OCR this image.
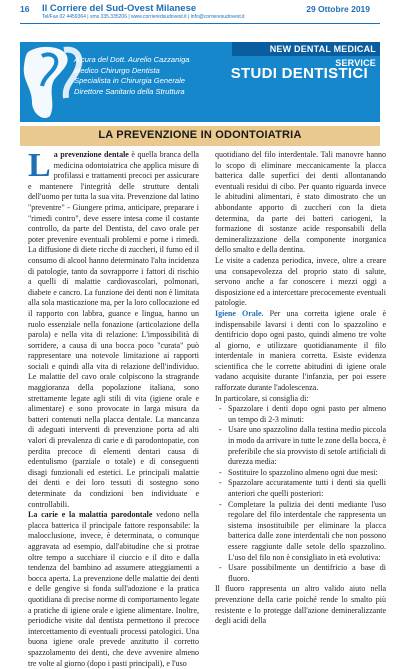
16 Il Corriere del Sud-Ovest Milanese
Tel/Fax 02 4459364 | sms 335.335206 | www.corrieredsudovest.it | info@corrieresudovest.it
29 Ottobre 2019
NEW DENTAL MEDICAL SERVICE
A cura del Dott. Aurelio Cazzaniga
Medico Chirurgo Dentista
Specialista in Chirurgia Generale
Direttore Sanitario della Struttura
STUDI DENTISTICI
LA PREVENZIONE IN ODONTOIATRIA

La prevenzione dentale è quella branca della medicina odontoiatrica che applica misure di profilassi e trattamenti precoci per assicurare e mantenere l'integrità delle strutture dentali dell'uomo per tutta la sua vita. Prevenzione dal latino "preventre" - Giungere prima, anticipare, preparare i "rimedi contro", deve essere intesa come il costante controllo, da parte del Dentista, del cavo orale per poter prevenire eventuali problemi e porne i rimedi. La diffusione di diete ricche di zuccheri, il fumo ed il consumo di alcool hanno determinato l'alta incidenza di patologie, tanto da sovrapporre i fattori di rischio a quelli di malattie cardiovascolari, polmonari, diabete e cancro. La funzione dei denti non è limitata alla sola masticazione ma, per la loro collocazione ed il rapporto con labbra, guance e lingua, hanno un ruolo essenziale nella fonazione (articolazione della parola) e nella vita di relazione: L'impossibilità di sorridere, a causa di una bocca poco "curata" può rappresentare una notevole limitazione ai rapporti sociali e quindi alla vita di relazione dell'individuo. Le malattie del cavo orale colpiscono la stragrande maggioranza della popolazione italiana, sono strettamente legate agli stili di vita (igiene orale e alimentare) e sono provocate in larga misura da batteri contenuti nella placca dentale. La mancanza di adeguati interventi di prevenzione porta ad alti valori di prevalenza di carie e di parodontopatie, con perdita precoce di elementi dentari causa di edentulismo (parziale o totale) e di conseguenti disagi funzionali ed estetici. Le principali malattie dei denti e dei loro tessuti di sostegno sono determinate da condizioni ben individuate e controllabili.

La carie e la malattia parodontale vedono nella placca batterica il principale fattore responsabile: la malocclusione, invece, è determinata, o comunque aggravata ad esempio, dall'abitudine che si protrae oltre tempo a succhiare il ciuccio e il dito e dalla tendenza del bambino ad assumere atteggiamenti a bocca aperta. La prevenzione delle malattie dei denti e delle gengive si fonda sull'adozione e la pratica quotidiana di precise norme di comportamento legate a pratiche di igiene orale e igiene alimentare. Inoltre, periodiche visite dal dentista permettono il precoce intercettamento di eventuali processi patologici. Una buona igiene orale prevede anzitutto il corretto spazzolamento dei denti, che deve avvenire almeno tre volte al giorno (dopo i pasti principali), e l'uso

quotidiano del filo interdentale. Tali manovre hanno lo scopo di eliminare meccanicamente la placca batterica dalle superfici dei denti allontanando eventuali residui di cibo. Per quanto riguarda invece le abitudini alimentari, è stato dimostrato che un abbondante apporto di zuccheri con la dieta determina, da parte dei batteri cariogeni, la formazione di sostanze acide responsabili della demineralizzazione della componente inorganica dello smalto e della dentina.

Le visite a cadenza periodica, invece, oltre a creare una consapevolezza del proprio stato di salute, servono anche a far conoscere i mezzi oggi a disposizione ed a intercettare precocemente eventuali patologie.

Igiene Orale. Per una corretta igiene orale è indispensabile lavarsi i denti con lo spazzolino e dentifricio dopo ogni pasto, quindi almeno tre volte al giorno, e utilizzare quotidianamente il filo interdentale in maniera corretta. Esiste evidenza scientifica che le corrette abitudini di igiene orale vadano acquisite durante l'infanzia, per poi essere rafforzate durante l'adolescenza.

In particolare, si consiglia di:

- Spazzolare i denti dopo ogni pasto per almeno un tempo di 2-3 minuti:
- Usare uno spazzolino dalla testina medio piccola in modo da arrivare in tutte le zone della bocca, è preferibile che sia provvisto di setole artificiali di durezza media:
- Sostituire lo spazzolino almeno ogni due mesi:
- Spazzolare accuratamente tutti i denti sia quelli anteriori che quelli posteriori:
- Completare la pulizia dei denti mediante l'uso regolare del filo interdentale che rappresenta un sistema insostituibile per eliminare la placca batterica dalle zone interdentali che non possono essere raggiunte dalle setole dello spazzolino. L'uso del filo non è consigliato in età evolutiva:
- Usare possibilmente un dentifricio a base di fluoro.

Il fluoro rappresenta un altro valido aiuto nella prevenzione della carie poiché rende lo smalto più resistente e lo protegge dall'azione demineralizzante degli acidi della
